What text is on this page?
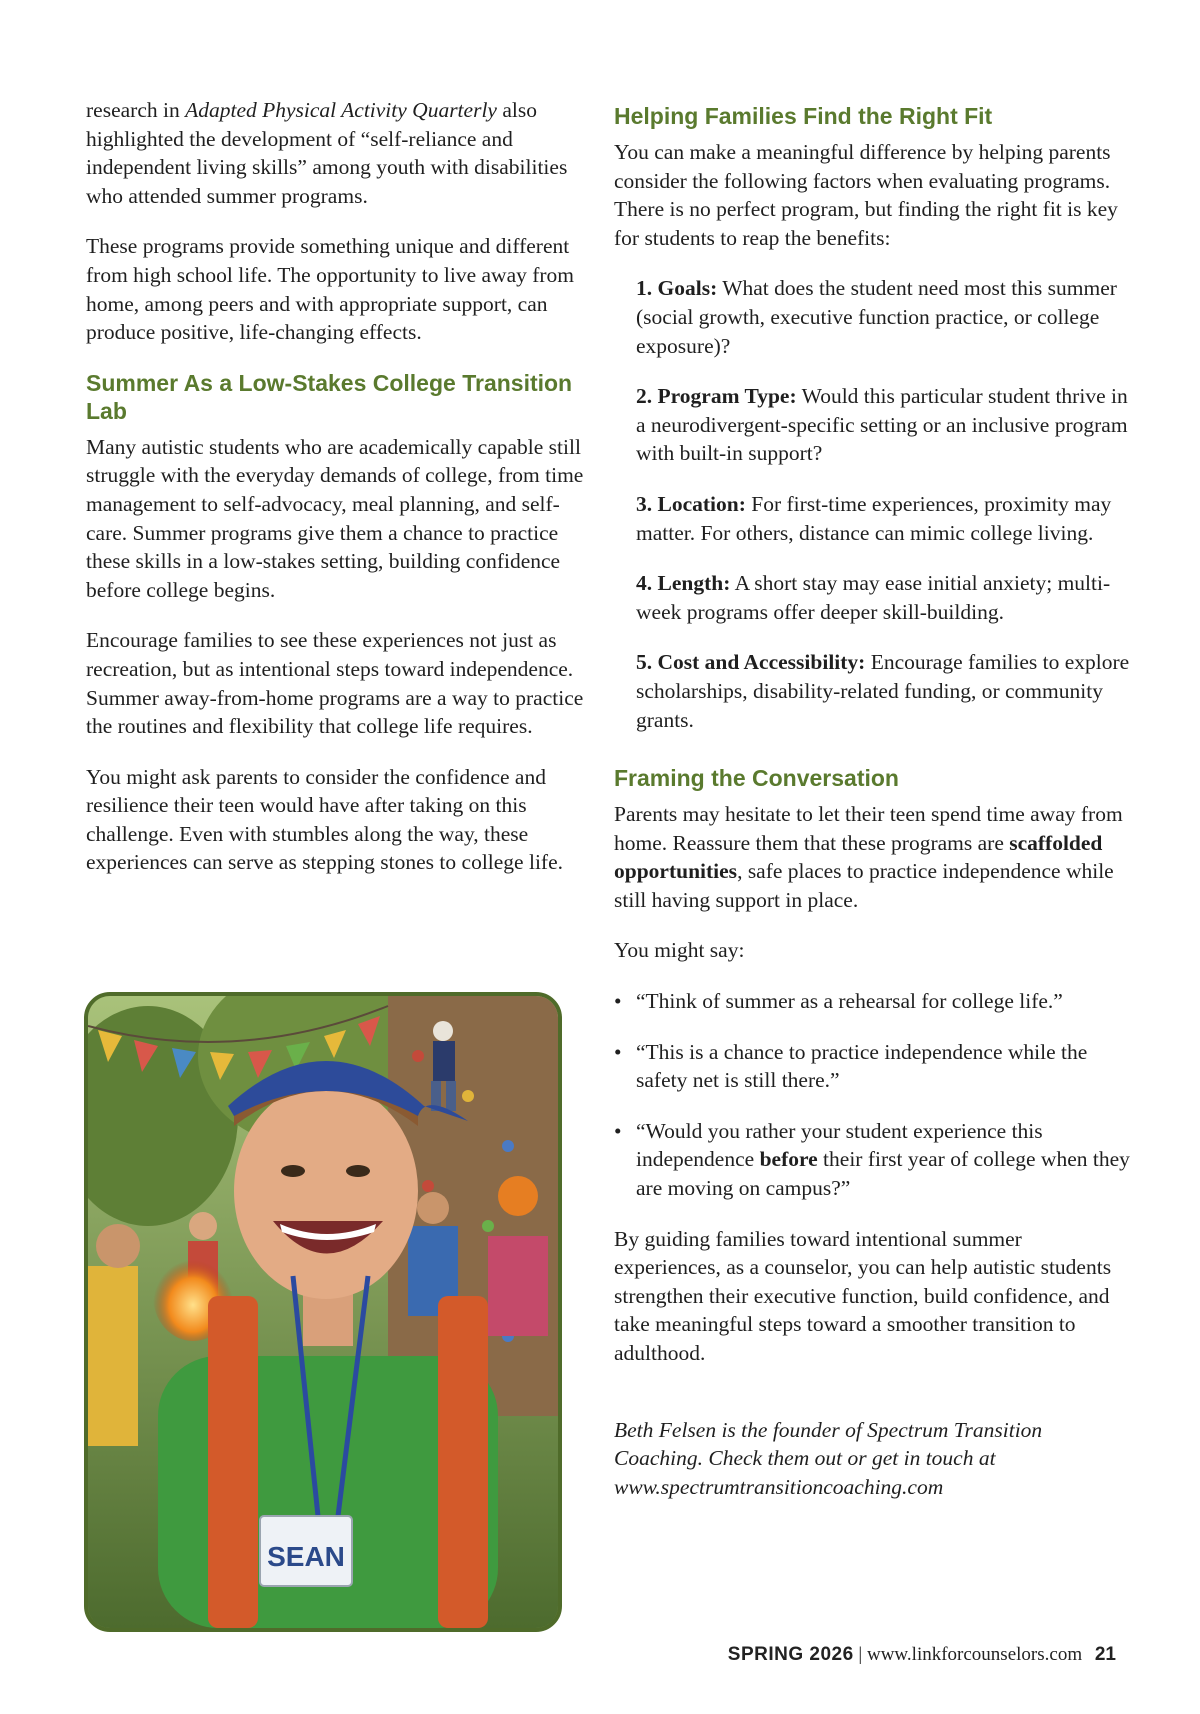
research in Adapted Physical Activity Quarterly also highlighted the development of “self-reliance and independent living skills” among youth with disabilities who attended summer programs.

These programs provide something unique and different from high school life. The opportunity to live away from home, among peers and with appropriate support, can produce positive, life-changing effects.

Summer As a Low-Stakes College Transition Lab

Many autistic students who are academically capable still struggle with the everyday demands of college, from time management to self-advocacy, meal planning, and self-care. Summer programs give them a chance to practice these skills in a low-stakes setting, building confidence before college begins.

Encourage families to see these experiences not just as recreation, but as intentional steps toward independence. Summer away-from-home programs are a way to practice the routines and flexibility that college life requires.

You might ask parents to consider the confidence and resilience their teen would have after taking on this challenge. Even with stumbles along the way, these experiences can serve as stepping stones to college life.

SEAN
Helping Families Find the Right Fit

You can make a meaningful difference by helping parents consider the following factors when evaluating programs. There is no perfect program, but finding the right fit is key for students to reap the benefits:

1. Goals: What does the student need most this summer (social growth, executive function practice, or college exposure)?
2. Program Type: Would this particular student thrive in a neurodivergent-specific setting or an inclusive program with built-in support?
3. Location: For first-time experiences, proximity may matter. For others, distance can mimic college living.
4. Length: A short stay may ease initial anxiety; multi-week programs offer deeper skill-building.
5. Cost and Accessibility: Encourage families to explore scholarships, disability-related funding, or community grants.
Framing the Conversation

Parents may hesitate to let their teen spend time away from home. Reassure them that these programs are scaffolded opportunities, safe places to practice independence while still having support in place.

You might say:

• “Think of summer as a rehearsal for college life.”
• “This is a chance to practice independence while the safety net is still there.”
• “Would you rather your student experience this independence before their first year of college when they are moving on campus?”

By guiding families toward intentional summer experiences, as a counselor, you can help autistic students strengthen their executive function, build confidence, and take meaningful steps toward a smoother transition to adulthood.

Beth Felsen is the founder of Spectrum Transition Coaching. Check them out or get in touch at www.spectrumtransitioncoaching.com

SPRING 2026 | www.linkforcounselors.com 21
